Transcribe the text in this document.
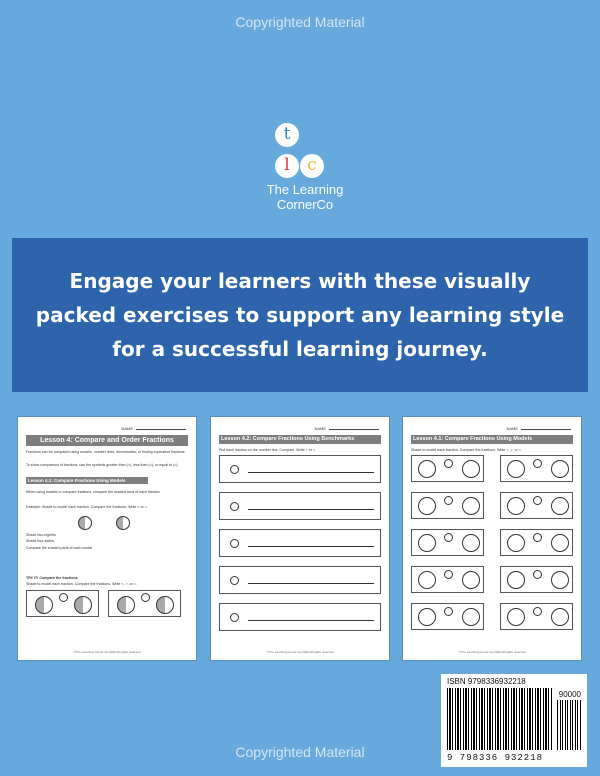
Copyrighted Material
t
l	c
The Learning
CornerCo
Engage your learners with these visually packed exercises to support any learning style for a successful learning journey.
NAME
Lesson 4: Compare and Order Fractions
Fractions can be compared using models, number lines, benchmarks, or finding equivalent fractions.
To show comparison of fractions, use the symbols greater than (>), less than (<), or equal to (=).
Lesson 4.1: Compare Fractions Using Models
When using models to compare fractions, compare the shaded area of each fraction.
Example: Shade to model each fraction. Compare the fractions. Write > or <.
Shade two-eighths
Shade four-sixths
Compare the shaded parts of each model
TRY IT! Compare the fractions.
Shade to model each fraction. Compare the fractions. Write <, >, or =.
©The Learning Corner Co 2023 All rights reserved
NAME
Lesson 4.2: Compare Fractions Using Benchmarks
Plot each fraction on the number line. Compare. Write > or <.
©The Learning Corner Co 2023 All rights reserved
NAME
Lesson 4.1: Compare Fractions Using Models
Shade to model each fraction. Compare the fractions. Write <, >, or =.
©The Learning Corner Co 2023 All rights reserved
Copyrighted Material
ISBN 9798336932218
90000
9 798336 932218
